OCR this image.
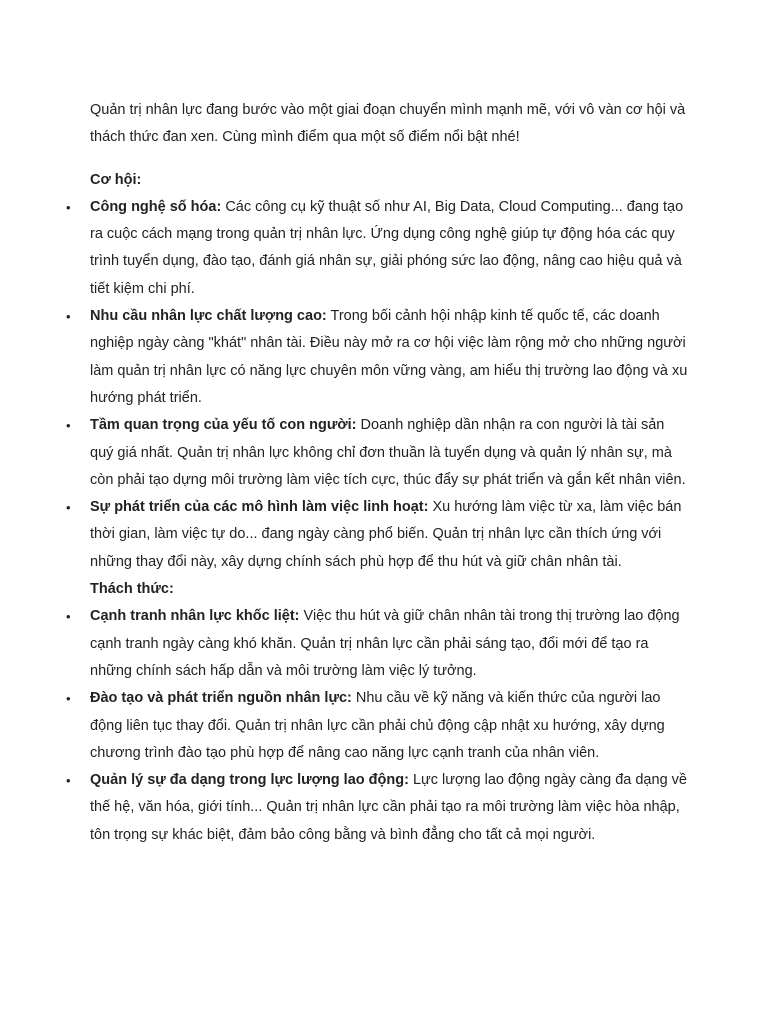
Quản trị nhân lực đang bước vào một giai đoạn chuyển mình mạnh mẽ, với vô vàn cơ hội và thách thức đan xen. Cùng mình điểm qua một số điểm nổi bật nhé!

Cơ hội:

• Công nghệ số hóa: Các công cụ kỹ thuật số như AI, Big Data, Cloud Computing... đang tạo ra cuộc cách mạng trong quản trị nhân lực. Ứng dụng công nghệ giúp tự động hóa các quy trình tuyển dụng, đào tạo, đánh giá nhân sự, giải phóng sức lao động, nâng cao hiệu quả và tiết kiệm chi phí.
• Nhu cầu nhân lực chất lượng cao: Trong bối cảnh hội nhập kinh tế quốc tế, các doanh nghiệp ngày càng "khát" nhân tài. Điều này mở ra cơ hội việc làm rộng mở cho những người làm quản trị nhân lực có năng lực chuyên môn vững vàng, am hiểu thị trường lao động và xu hướng phát triển.
• Tầm quan trọng của yếu tố con người: Doanh nghiệp dần nhận ra con người là tài sản quý giá nhất. Quản trị nhân lực không chỉ đơn thuần là tuyển dụng và quản lý nhân sự, mà còn phải tạo dựng môi trường làm việc tích cực, thúc đẩy sự phát triển và gắn kết nhân viên.
• Sự phát triển của các mô hình làm việc linh hoạt: Xu hướng làm việc từ xa, làm việc bán thời gian, làm việc tự do... đang ngày càng phổ biến. Quản trị nhân lực cần thích ứng với những thay đổi này, xây dựng chính sách phù hợp để thu hút và giữ chân nhân tài.

Thách thức:

• Cạnh tranh nhân lực khốc liệt: Việc thu hút và giữ chân nhân tài trong thị trường lao động cạnh tranh ngày càng khó khăn. Quản trị nhân lực cần phải sáng tạo, đổi mới để tạo ra những chính sách hấp dẫn và môi trường làm việc lý tưởng.
• Đào tạo và phát triển nguồn nhân lực: Nhu cầu về kỹ năng và kiến thức của người lao động liên tục thay đổi. Quản trị nhân lực cần phải chủ động cập nhật xu hướng, xây dựng chương trình đào tạo phù hợp để nâng cao năng lực cạnh tranh của nhân viên.
• Quản lý sự đa dạng trong lực lượng lao động: Lực lượng lao động ngày càng đa dạng về thế hệ, văn hóa, giới tính... Quản trị nhân lực cần phải tạo ra môi trường làm việc hòa nhập, tôn trọng sự khác biệt, đảm bảo công bằng và bình đẳng cho tất cả mọi người.
